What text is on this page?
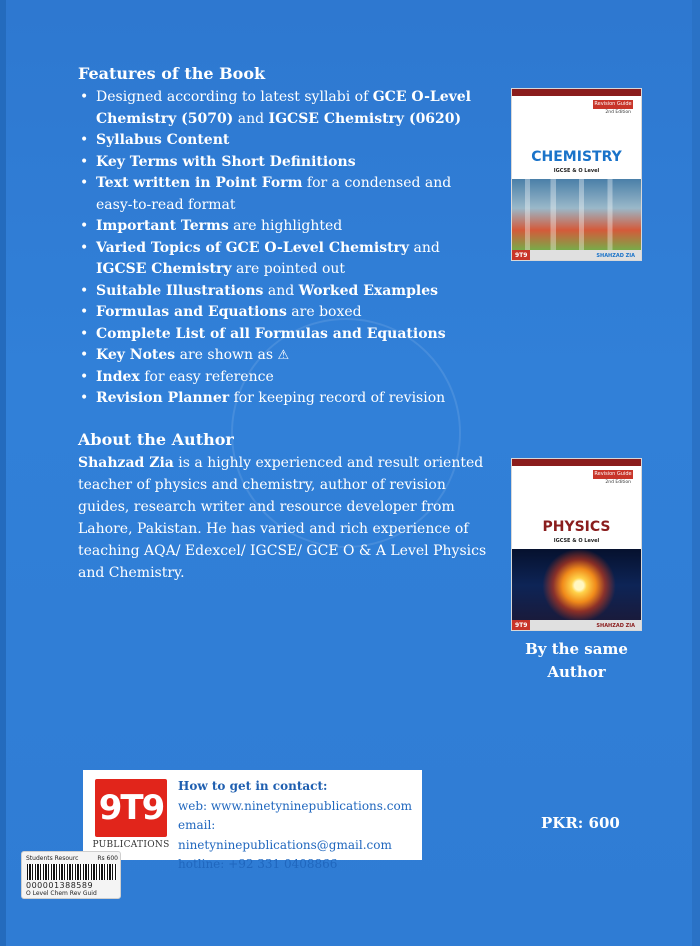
Features of the Book
• Designed according to latest syllabi of GCE O-Level Chemistry (5070) and IGCSE Chemistry (0620)
• Syllabus Content
• Key Terms with Short Definitions
• Text written in Point Form for a condensed and easy-to-read format
• Important Terms are highlighted
• Varied Topics of GCE O-Level Chemistry and IGCSE Chemistry are pointed out
• Suitable Illustrations and Worked Examples
• Formulas and Equations are boxed
• Complete List of all Formulas and Equations
• Key Notes are shown as ⚠
• Index for easy reference
• Revision Planner for keeping record of revision
About the Author
Shahzad Zia is a highly experienced and result oriented teacher of physics and chemistry, author of revision guides, research writer and resource developer from Lahore, Pakistan. He has varied and rich experience of teaching AQA/ Edexcel/ IGCSE/ GCE O & A Level Physics and Chemistry.
Revision Guide
2nd Edition
CHEMISTRY
IGCSE & O Level
9T9	SHAHZAD ZIA
Revision Guide
2nd Edition
PHYSICS
IGCSE & O Level
9T9	SHAHZAD ZIA
By the same
Author
9T9
PUBLICATIONS
How to get in contact:
web: www.ninetyninepublications.com
email: ninetyninepublications@gmail.com
hotline: +92 331 0408866
PKR: 600
Students Resourc	Rs 600
000001388589
O Level Chem Rev Guid
